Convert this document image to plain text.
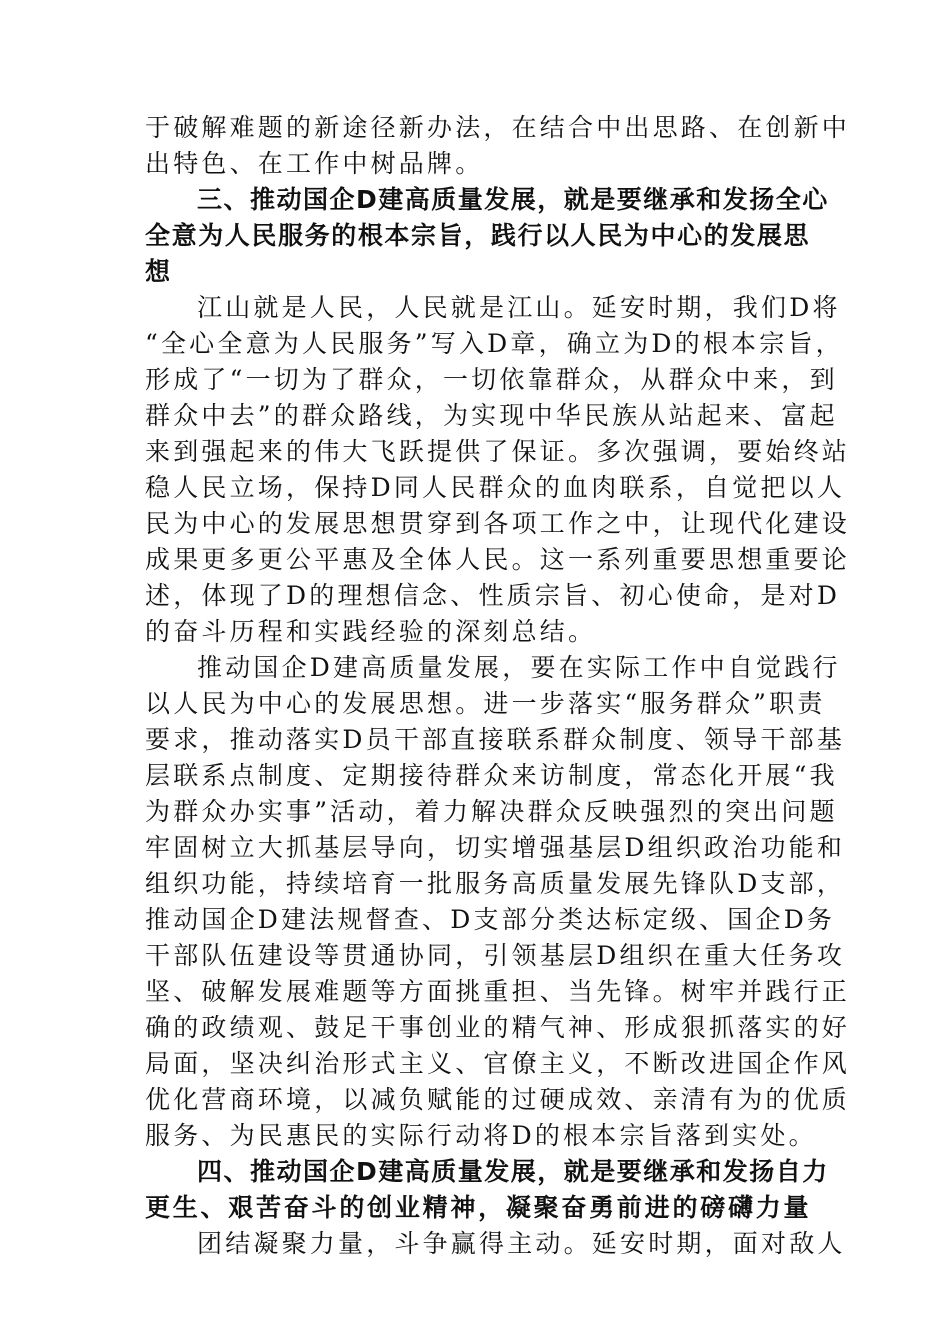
于破解难题的新途径新办法，在结合中出思路、在创新中
出特色、在工作中树品牌。
三、推动国企D建高质量发展，就是要继承和发扬全心
全意为人民服务的根本宗旨，践行以人民为中心的发展思
想
江山就是人民，人民就是江山。延安时期，我们D将
“全心全意为人民服务”写入D章，确立为D的根本宗旨，
形成了“一切为了群众，一切依靠群众，从群众中来，到
群众中去”的群众路线，为实现中华民族从站起来、富起
来到强起来的伟大飞跃提供了保证。多次强调，要始终站
稳人民立场，保持D同人民群众的血肉联系，自觉把以人
民为中心的发展思想贯穿到各项工作之中，让现代化建设
成果更多更公平惠及全体人民。这一系列重要思想重要论
述，体现了D的理想信念、性质宗旨、初心使命，是对D
的奋斗历程和实践经验的深刻总结。
推动国企D建高质量发展，要在实际工作中自觉践行
以人民为中心的发展思想。进一步落实“服务群众”职责
要求，推动落实D员干部直接联系群众制度、领导干部基
层联系点制度、定期接待群众来访制度，常态化开展“我
为群众办实事”活动，着力解决群众反映强烈的突出问题
牢固树立大抓基层导向，切实增强基层D组织政治功能和
组织功能，持续培育一批服务高质量发展先锋队D支部，
推动国企D建法规督查、D支部分类达标定级、国企D务
干部队伍建设等贯通协同，引领基层D组织在重大任务攻
坚、破解发展难题等方面挑重担、当先锋。树牢并践行正
确的政绩观、鼓足干事创业的精气神、形成狠抓落实的好
局面，坚决纠治形式主义、官僚主义，不断改进国企作风
优化营商环境，以减负赋能的过硬成效、亲清有为的优质
服务、为民惠民的实际行动将D的根本宗旨落到实处。
四、推动国企D建高质量发展，就是要继承和发扬自力
更生、艰苦奋斗的创业精神，凝聚奋勇前进的磅礴力量
团结凝聚力量，斗争赢得主动。延安时期，面对敌人
